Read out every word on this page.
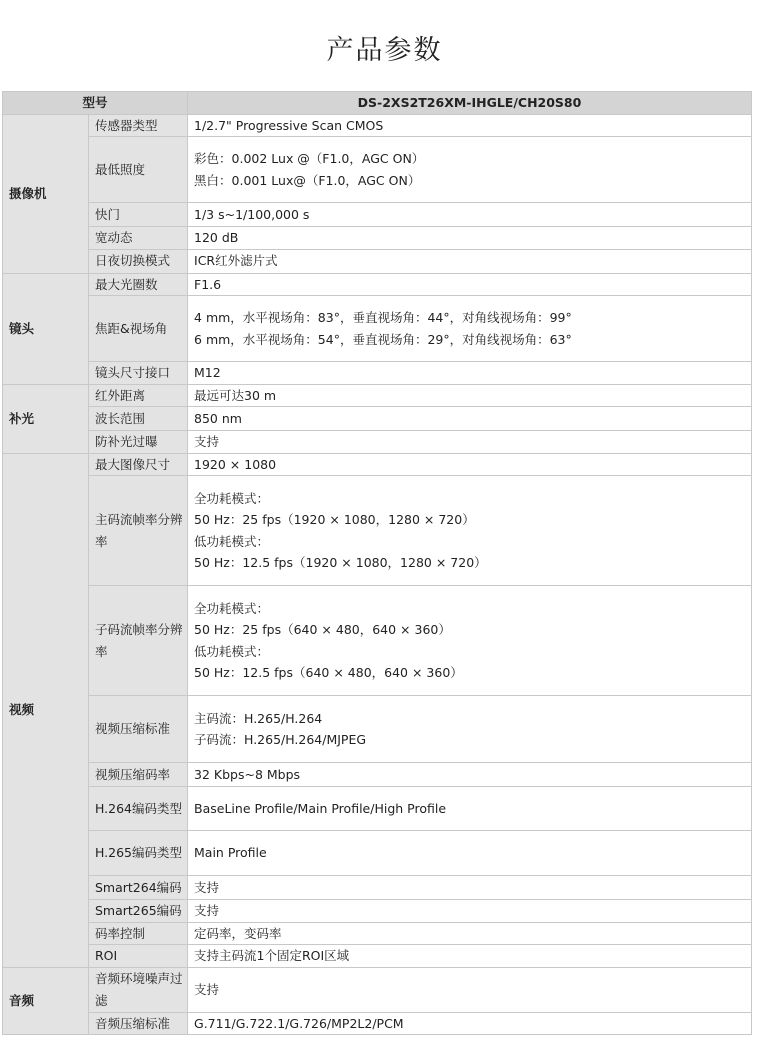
产品参数
型号		DS-2XS2T26XM-IHGLE/CH20S80
摄像机	传感器类型	1/2.7" Progressive Scan CMOS

	最低照度	彩色：0.002 Lux @（F1.0，AGC ON）
黑白：0.001 Lux@（F1.0，AGC ON）

	快门	1/3 s~1/100,000 s

	宽动态	120 dB

	日夜切换模式	ICR红外滤片式

镜头	最大光圈数	F1.6

	焦距&视场角	4 mm，水平视场角：83°，垂直视场角：44°，对角线视场角：99°
6 mm，水平视场角：54°，垂直视场角：29°，对角线视场角：63°

	镜头尺寸接口	M12

补光	红外距离	最远可达30 m

	波长范围	850 nm

	防补光过曝	支持

视频	最大图像尺寸	1920 × 1080

	主码流帧率分辨率	全功耗模式：
50 Hz：25 fps（1920 × 1080，1280 × 720）
低功耗模式：
50 Hz：12.5 fps（1920 × 1080，1280 × 720）

	子码流帧率分辨率	全功耗模式：
50 Hz：25 fps（640 × 480，640 × 360）
低功耗模式：
50 Hz：12.5 fps（640 × 480，640 × 360）

	视频压缩标准	主码流：H.265/H.264
子码流：H.265/H.264/MJPEG

	视频压缩码率	32 Kbps~8 Mbps

	H.264编码类型	BaseLine Profile/Main Profile/High Profile

	H.265编码类型	Main Profile

	Smart264编码	支持

	Smart265编码	支持

	码率控制	定码率，变码率

	ROI	支持主码流1个固定ROI区域

音频	音频环境噪声过滤	支持

	音频压缩标准	G.711/G.722.1/G.726/MP2L2/PCM
